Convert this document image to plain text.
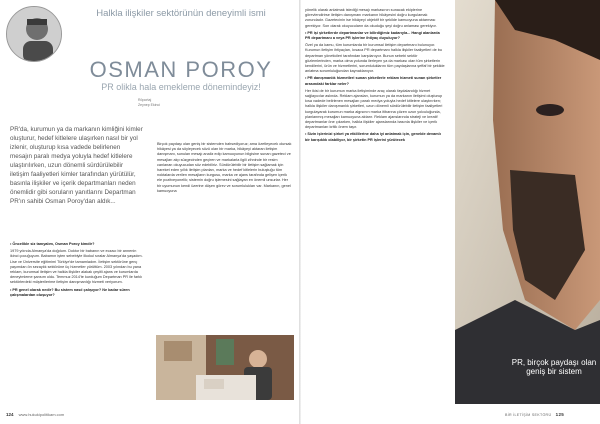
Halkla ilişkiler sektörünün deneyimli ismi
OSMAN POROY
PR olikla hala emekleme dönemindeyiz!
Röportaj
Zeynep Ekinci
PR'da, kurumun ya da markanın kimliğini kimler oluşturur, hedef kitlelere ulaşırken nasıl bir yol izlenir, oluşturup kısa vadede belirlenen mesajın paralı medya yoluyla hedef kitlelere ulaştırılırken, uzun dönemli sürdürülebilir iletişim faaliyetleri kimler tarafından yürütülür, basınla ilişkiler ve içerik departmanları neden önemlidir gibi soruların yanıtlarını Departman PR'ın sahibi Osman Poroy'dan aldık...

• Öncelikle siz tanıyalım, Osman Poroy kimdir?

1979 yılında Almanya'da doğdum. Doktor bir babanın ve eczacı bir annenin ikinci çocuğuyum. Babamın işten sebebiyle ilkokul sıralar Almanya'da yaşadım. Lise ve Üniversite eğitimimi Türkiye'de tamamladım. İletişim sektörüne genç yaşımdan ön sezaylık sektörüne üç hizmetler yürüttüm. 2003 yılından bu yana reklam, kurumsal iletişim ve halkla ilişkiler alakak çeşitli ajans ve kurumlarda deneyimleme şansım oldu. Temmuz 2014'te kurduğum Departman PR ile farklı sektörlerdeki müşterilerime iletişim danışmanlığı hizmeti veriyorum.

• PR genel olarak nedir? Bu sistem nasıl çalışıyor? Ne kadar süren çalışmalardan oluşuyor?

Birçok paydaşı olan geniş bir sistemden bahsediyoruz; ama özetleyecek olursak hikâyesi ya da söyleyecek sözü olan bir marka, hikâyeyi aktaran iletişim danışmanı, sunulan mesajı analiz edip kamuoyunun bilgisine sunan gazeteci ve mesajları alıp süzgecinden geçiren ve markalarla ilgili zihninde bir resim canlanan okuyucudan söz edebiliriz. Sürdürülebilir bir iletişim sağlamak için hareket eden yıllık iletişim planları, marka ve hedef kitlelerin buluştuğu tüm noktalarda verilen mesajların kurgusu, marka ve ajans tarafında gelişen içerik ele pozitveyonelik; sistemin doğru işlemesini sağlayan en önemli unsurlar. Her bir uyumunun kendi üzerine düşen görev ve sorumlulukları var. Markanın, genel kamuoyuna

124 www.hukukipolitikam.com

yönelik olarak anlatmak istediği mesajı markasının sunacak ekiplerine görevlendirirse iletişim danışmanı markanın hikâyesini doğru kurgulamak zorundadır. Gazetecinin ise hikâyeyi objektif bir şekilde kamuoyuna aktarması gerekiyor. Son olarak okuyucuların da okuduğu şeyi doğru anlaması gerekiyor.

• PR işi şirketlerde departmanlar ve bilirdiğimiz kadarıyla... Hangi alanlarda PR departmanı a veya PR işlerine ihtiyaç duyuluyor?

Özel ya da kamu, tüm kurumlarda bir kurumsal iletişim departmanı bulunuyor. Kurumun iletişim ihtiyaçları, kısaca PR departmanı halkla ilişkiler faaliyetleri de bu departman yöneticileri tarafından karşılanıyor. Bunun sebebi sektör gözlemlerinden, marka olma yolunda ilerleyen ya da markası olan tüm şirketlerin kendilerini, ürün ve hizmetlerini, sorumluluklarını tüm paydaşlarına şeffaf bir şekilde anlatma sorumluluğundan kaynaklanıyor.

• PR danışmanlık hizmetleri sunan şirketlerle reklam hizmeti sunan şirketler arasındaki farklar neler?

Her ikisi de bir kurumun marka iletişiminde araç olarak faydalandığı hizmet sağlayıcılar aslında. Reklam ajansları, kurumun ya da markanın iletişimi oluşturup kısa vadede belirlenen mesajları paralı medya yoluyla hedef kitlelere ulaştırırken; halkla ilişkiler danışmanlık şirketleri, uzun dönemli sürdürülebilir iletişim faaliyetleri kurgulayarak kurumun marka algısının marka itibarına çözen uzun yolculuğunda, planlanmış mesajları kamuoyuna aktarır. Reklam ajanslarında strateji ve kreatif departmanlar öne çıkarken, halkla ilişkiler ajanslarında basınla ilişkiler ve içerik departmanları kritik önem taşır.

• Sizin işlerinizi şirket ya etkililerine daha iyi anlatmak için, genelde devamlı bir karışıklık olabiliyor, bir şirketin PR işlerini yürütecek

PR, birçok paydaşı olan geniş bir sistem
BİR İLETİŞİM SEKTÖRÜ 125
